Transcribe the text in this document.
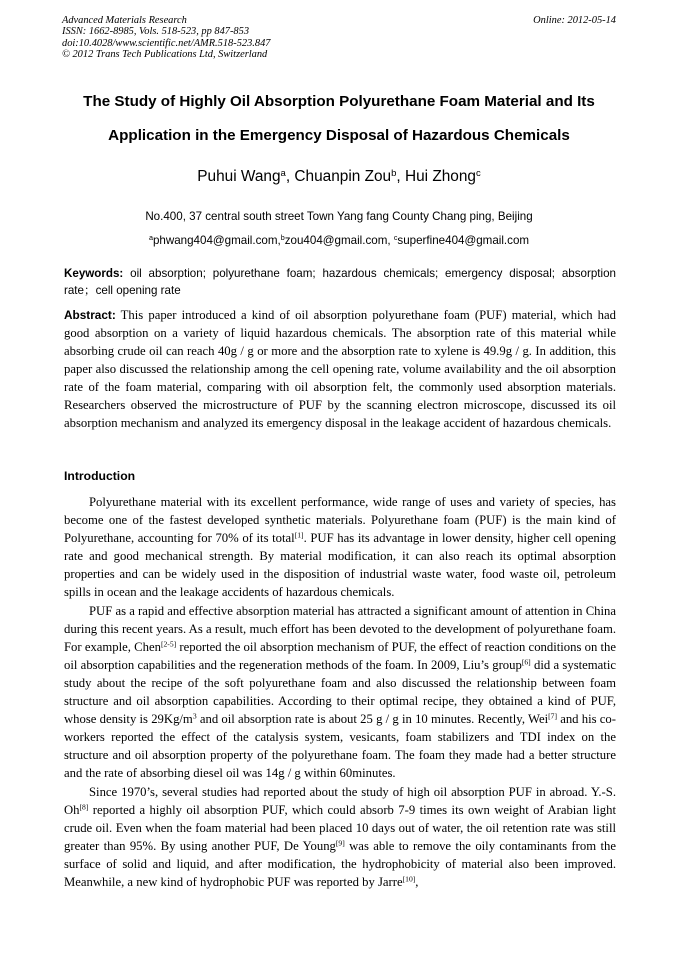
Advanced Materials Research
ISSN: 1662-8985, Vols. 518-523, pp 847-853
doi:10.4028/www.scientific.net/AMR.518-523.847
© 2012 Trans Tech Publications Ltd, Switzerland
Online: 2012-05-14
The Study of Highly Oil Absorption Polyurethane Foam Material and Its
Application in the Emergency Disposal of Hazardous Chemicals
Puhui Wang$^a$, Chuanpin Zou$^b$, Hui Zhong$^c$
No.400, 37 central south street Town Yang fang County Chang ping, Beijing
$^a$phwang404@gmail.com,$^b$zou404@gmail.com, $^c$superfine404@gmail.com
Keywords: oil absorption; polyurethane foam; hazardous chemicals; emergency disposal; absorption rate；cell opening rate
Abstract: This paper introduced a kind of oil absorption polyurethane foam (PUF) material, which had good absorption on a variety of liquid hazardous chemicals. The absorption rate of this material while absorbing crude oil can reach 40g / g or more and the absorption rate to xylene is 49.9g / g. In addition, this paper also discussed the relationship among the cell opening rate, volume availability and the oil absorption rate of the foam material, comparing with oil absorption felt, the commonly used absorption materials. Researchers observed the microstructure of PUF by the scanning electron microscope, discussed its oil absorption mechanism and analyzed its emergency disposal in the leakage accident of hazardous chemicals.
Introduction

Polyurethane material with its excellent performance, wide range of uses and variety of species, has become one of the fastest developed synthetic materials. Polyurethane foam (PUF) is the main kind of Polyurethane, accounting for 70% of its total[1]. PUF has its advantage in lower density, higher cell opening rate and good mechanical strength. By material modification, it can also reach its optimal absorption properties and can be widely used in the disposition of industrial waste water, food waste oil, petroleum spills in ocean and the leakage accidents of hazardous chemicals.

PUF as a rapid and effective absorption material has attracted a significant amount of attention in China during this recent years. As a result, much effort has been devoted to the development of polyurethane foam. For example, Chen[2-5] reported the oil absorption mechanism of PUF, the effect of reaction conditions on the oil absorption capabilities and the regeneration methods of the foam. In 2009, Liu’s group[6] did a systematic study about the recipe of the soft polyurethane foam and also discussed the relationship between foam structure and oil absorption capabilities. According to their optimal recipe, they obtained a kind of PUF, whose density is $29Kg/m^3$ and oil absorption rate is about 25 g / g in 10 minutes. Recently, Wei[7] and his co-workers reported the effect of the catalysis system, vesicants, foam stabilizers and TDI index on the structure and oil absorption property of the polyurethane foam. The foam they made had a better structure and the rate of absorbing diesel oil was 14g / g within 60minutes.

Since 1970’s, several studies had reported about the study of high oil absorption PUF in abroad. Y.-S. Oh[8] reported a highly oil absorption PUF, which could absorb 7-9 times its own weight of Arabian light crude oil. Even when the foam material had been placed 10 days out of water, the oil retention rate was still greater than 95%. By using another PUF, De Young[9] was able to remove the oily contaminants from the surface of solid and liquid, and after modification, the hydrophobicity of material also been improved. Meanwhile, a new kind of hydrophobic PUF was reported by Jarre[10],
